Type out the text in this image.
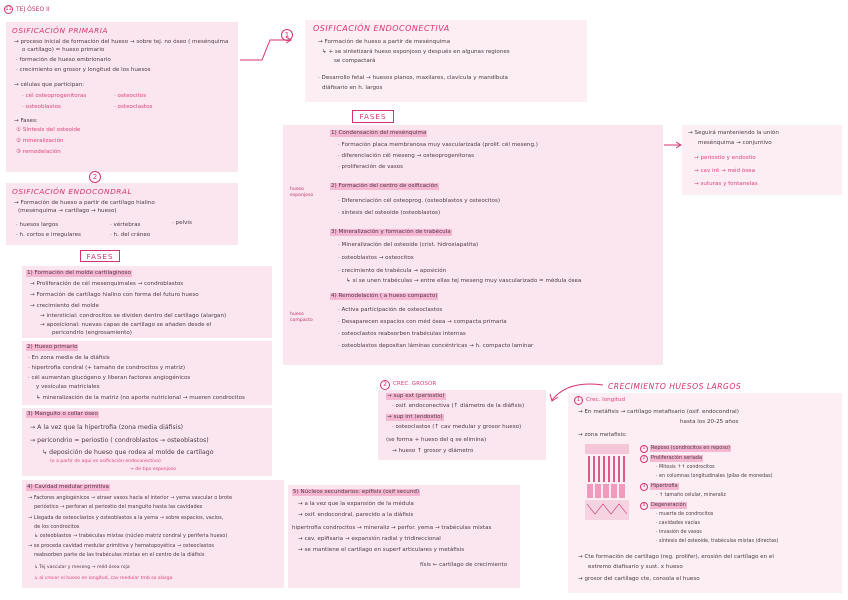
11 TEJ ÓSEO II
OSIFICACIÓN PRIMARIA
→ proceso inicial de formación del hueso → sobre tej. no óseo ( mesénquima
o cartílago) = hueso primario
· formación de hueso embrionario
· crecimiento en grosor y longitud de los huesos
→ células que participan:
· cél osteoprogenitoras
· osteoblastos
· osteocitos
· osteoclastos
→ Fases:
① Síntesis del osteoide
② mineralización
③ remodelación
1
OSIFICACIÓN ENDOCONECTIVA
→ Formación de hueso a partir de mesénquima
↳ + se sintetizará hueso esponjoso y después en algunas regiones
se compactará
· Desarrollo fetal → huesos planos, maxilares, clavícula y mandíbula
diáfisario en h. largos
FASES
hueso esponjoso
hueso compacto
1) Condensación del mesénquima
· Formación placa membranosa muy vascularizada (prolif. cél meseng.)
· diferenciación cél meseng → osteoprogenitoras
· proliferación de vasos
2) Formación del centro de osificación
· Diferenciación cél osteoprog. (osteoblastos y osteocitos)
· síntesis del osteoide (osteoblastos)
3) Mineralización y formación de trabécula
· Mineralización del osteoide (crist. hidroxiapatita)
· osteoblastos → osteocitos
· crecimiento de trabécula → aposición
↳ si se unen trabéculas → entre ellas tej meseng muy vascularizado = médula ósea
4) Remodelación ( a hueso compacto)
· Activa participación de osteoclastos
· Desaparecen espacios con méd ósea → compacta primaria
· osteoclastos reabsorben trabéculas internas
· osteoblastos depositan láminas concéntricas → h. compacto laminar
→ Seguirá manteniendo la unión
mesénquima → conjuntivo
→ periostio y endostio
→ cav int → méd ósea
→ suturas y fontanelas
2
OSIFICACIÓN ENDOCONDRAL
→ Formación de hueso a partir de cartílago hialino
(mesénquima → cartílago → hueso)
· huesos largos
· h. cortos e irregulares
· vértebras
· h. del cráneo
· pelvis
FASES
1) Formación del molde cartilaginoso
→ Proliferación de cél mesenquimales → condroblastos
→ Formación de cartílago hialino con forma del futuro hueso
→ crecimiento del molde
→ intersticial: condrocitos se dividen dentro del cartílago (alargan)
→ aposicional: nuevas capas de cartílago se añaden desde el
pericondrio (engrosamiento)
2) Hueso primario
· En zona media de la diáfisis
· hipertrofia condral (+ tamaño de condrocitos y matriz)
· cél aumentan glucógeno y liberan factores angiogénicos
y vesículas matriciales
↳ mineralización de la matriz (no aporte nutricional → mueren condrocitos
3) Manguito o collar óseo
→ A la vez que la hipertrofia (zona media diáfisis)
→ pericondrio = periostio ( condroblastos → osteoblastos)
↳ deposición de hueso que rodea al molde de cartílago
(o a partir de aquí es osificación endoconectiva)
→ de tipo esponjoso
4) Cavidad medular primitiva
→ Factores angiogénicos → atraer vasos hacia el interior → yema vascular o brote
perióstico → perforan el periostio del manguito hasta las cavidades
→ Llegada de osteoclastos y osteoblastos a la yema → sobre espacios, vacíos,
de los condrocitos
↳ osteoblastos → trabéculas mixtas (núcleo matriz condral y periferia hueso)
→ se proceda cavidad medular primitiva y hematopoyética → osteoclastos
reabsorben parte de las trabéculas mixtas en el centro de la diáfisis
↳ Tej vascular y meseng → méd ósea roja
↳ al crecer el hueso en longitud, cav medular tmb se alarga
5) Núcleos secundarios: epífisis (osif secund)
→ a la vez que la expansión de la médula
→ osif. endocondral, parecido a la diáfisis
hipertrofia condrocitos → mineraliz → perfor. yema → trabéculas mixtas
→ cav. epifisaria → expansión radial y tridireccional
→ se mantiene el cartílago en superf articulares y metáfisis
físis ← cartílago de crecimiento
2	CREC. GROSOR
→ sup ext (periostio)
· osif. endoconectiva (↑ diámetro de la diáfisis)
→ sup int (endostio)
· osteoclastos (↑ cav medular y grosor hueso)
(se forma + hueso del q se elimina)
→ hueso ↑ grosor y diámetro
CRECIMIENTO HUESOS LARGOS
1	Crec. longitud
→ En metáfisis → cartílago metafisario (osif. endocondral)
hasta los 20-25 años
→ zona metafisis:
1	Reposo (condrocitos en reposo)
2	Proliferación seriada
· Mitosis ↑↑ condrocitos
· en columnas longitudinales (pilas de monedas)
3	Hipertrofia
· ↑ tamaño celular, mineraliz
4	Degeneración
· muerte de condrocitos
· cavidades vacías
· invasión de vasos
· síntesis del osteoide, trabéculas mixtas (directas)
→ Cte formación de cartílago (reg. prolifer), erosión del cartílago en el
extremo diafisario y sust. x hueso
→ grosor del cartílago cte, consola el hueso
